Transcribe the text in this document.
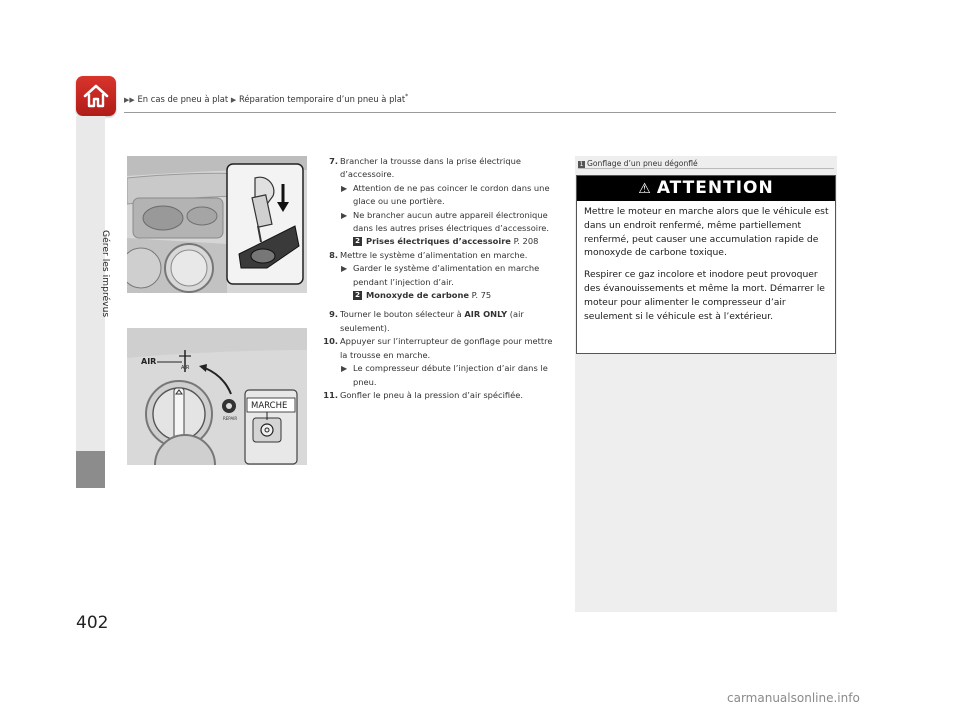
▶▶ En cas de pneu à plat ▶ Réparation temporaire d’un pneu à plat*
Gérer les imprévus
402
AIR
AIR
REPAIR
MARCHE
7. Brancher la trousse dans la prise électrique d’accessoire.
▶ Attention de ne pas coincer le cordon dans une glace ou une portière.
▶ Ne brancher aucun autre appareil électronique dans les autres prises électriques d’accessoire.
2 Prises électriques d’accessoire P. 208
8. Mettre le système d’alimentation en marche.
▶ Garder le système d’alimentation en marche pendant l’injection d’air.
2 Monoxyde de carbone P. 75
9. Tourner le bouton sélecteur à AIR ONLY (air seulement).
10. Appuyer sur l’interrupteur de gonflage pour mettre la trousse en marche.
▶ Le compresseur débute l’injection d’air dans le pneu.
11. Gonfler le pneu à la pression d’air spécifiée.
1 Gonflage d’un pneu dégonflé
⚠ ATTENTION

Mettre le moteur en marche alors que le véhicule est dans un endroit renfermé, même partiellement renfermé, peut causer une accumulation rapide de monoxyde de carbone toxique.

Respirer ce gaz incolore et inodore peut provoquer des évanouissements et même la mort. Démarrer le moteur pour alimenter le compresseur d’air seulement si le véhicule est à l’extérieur.

carmanualsonline.info
